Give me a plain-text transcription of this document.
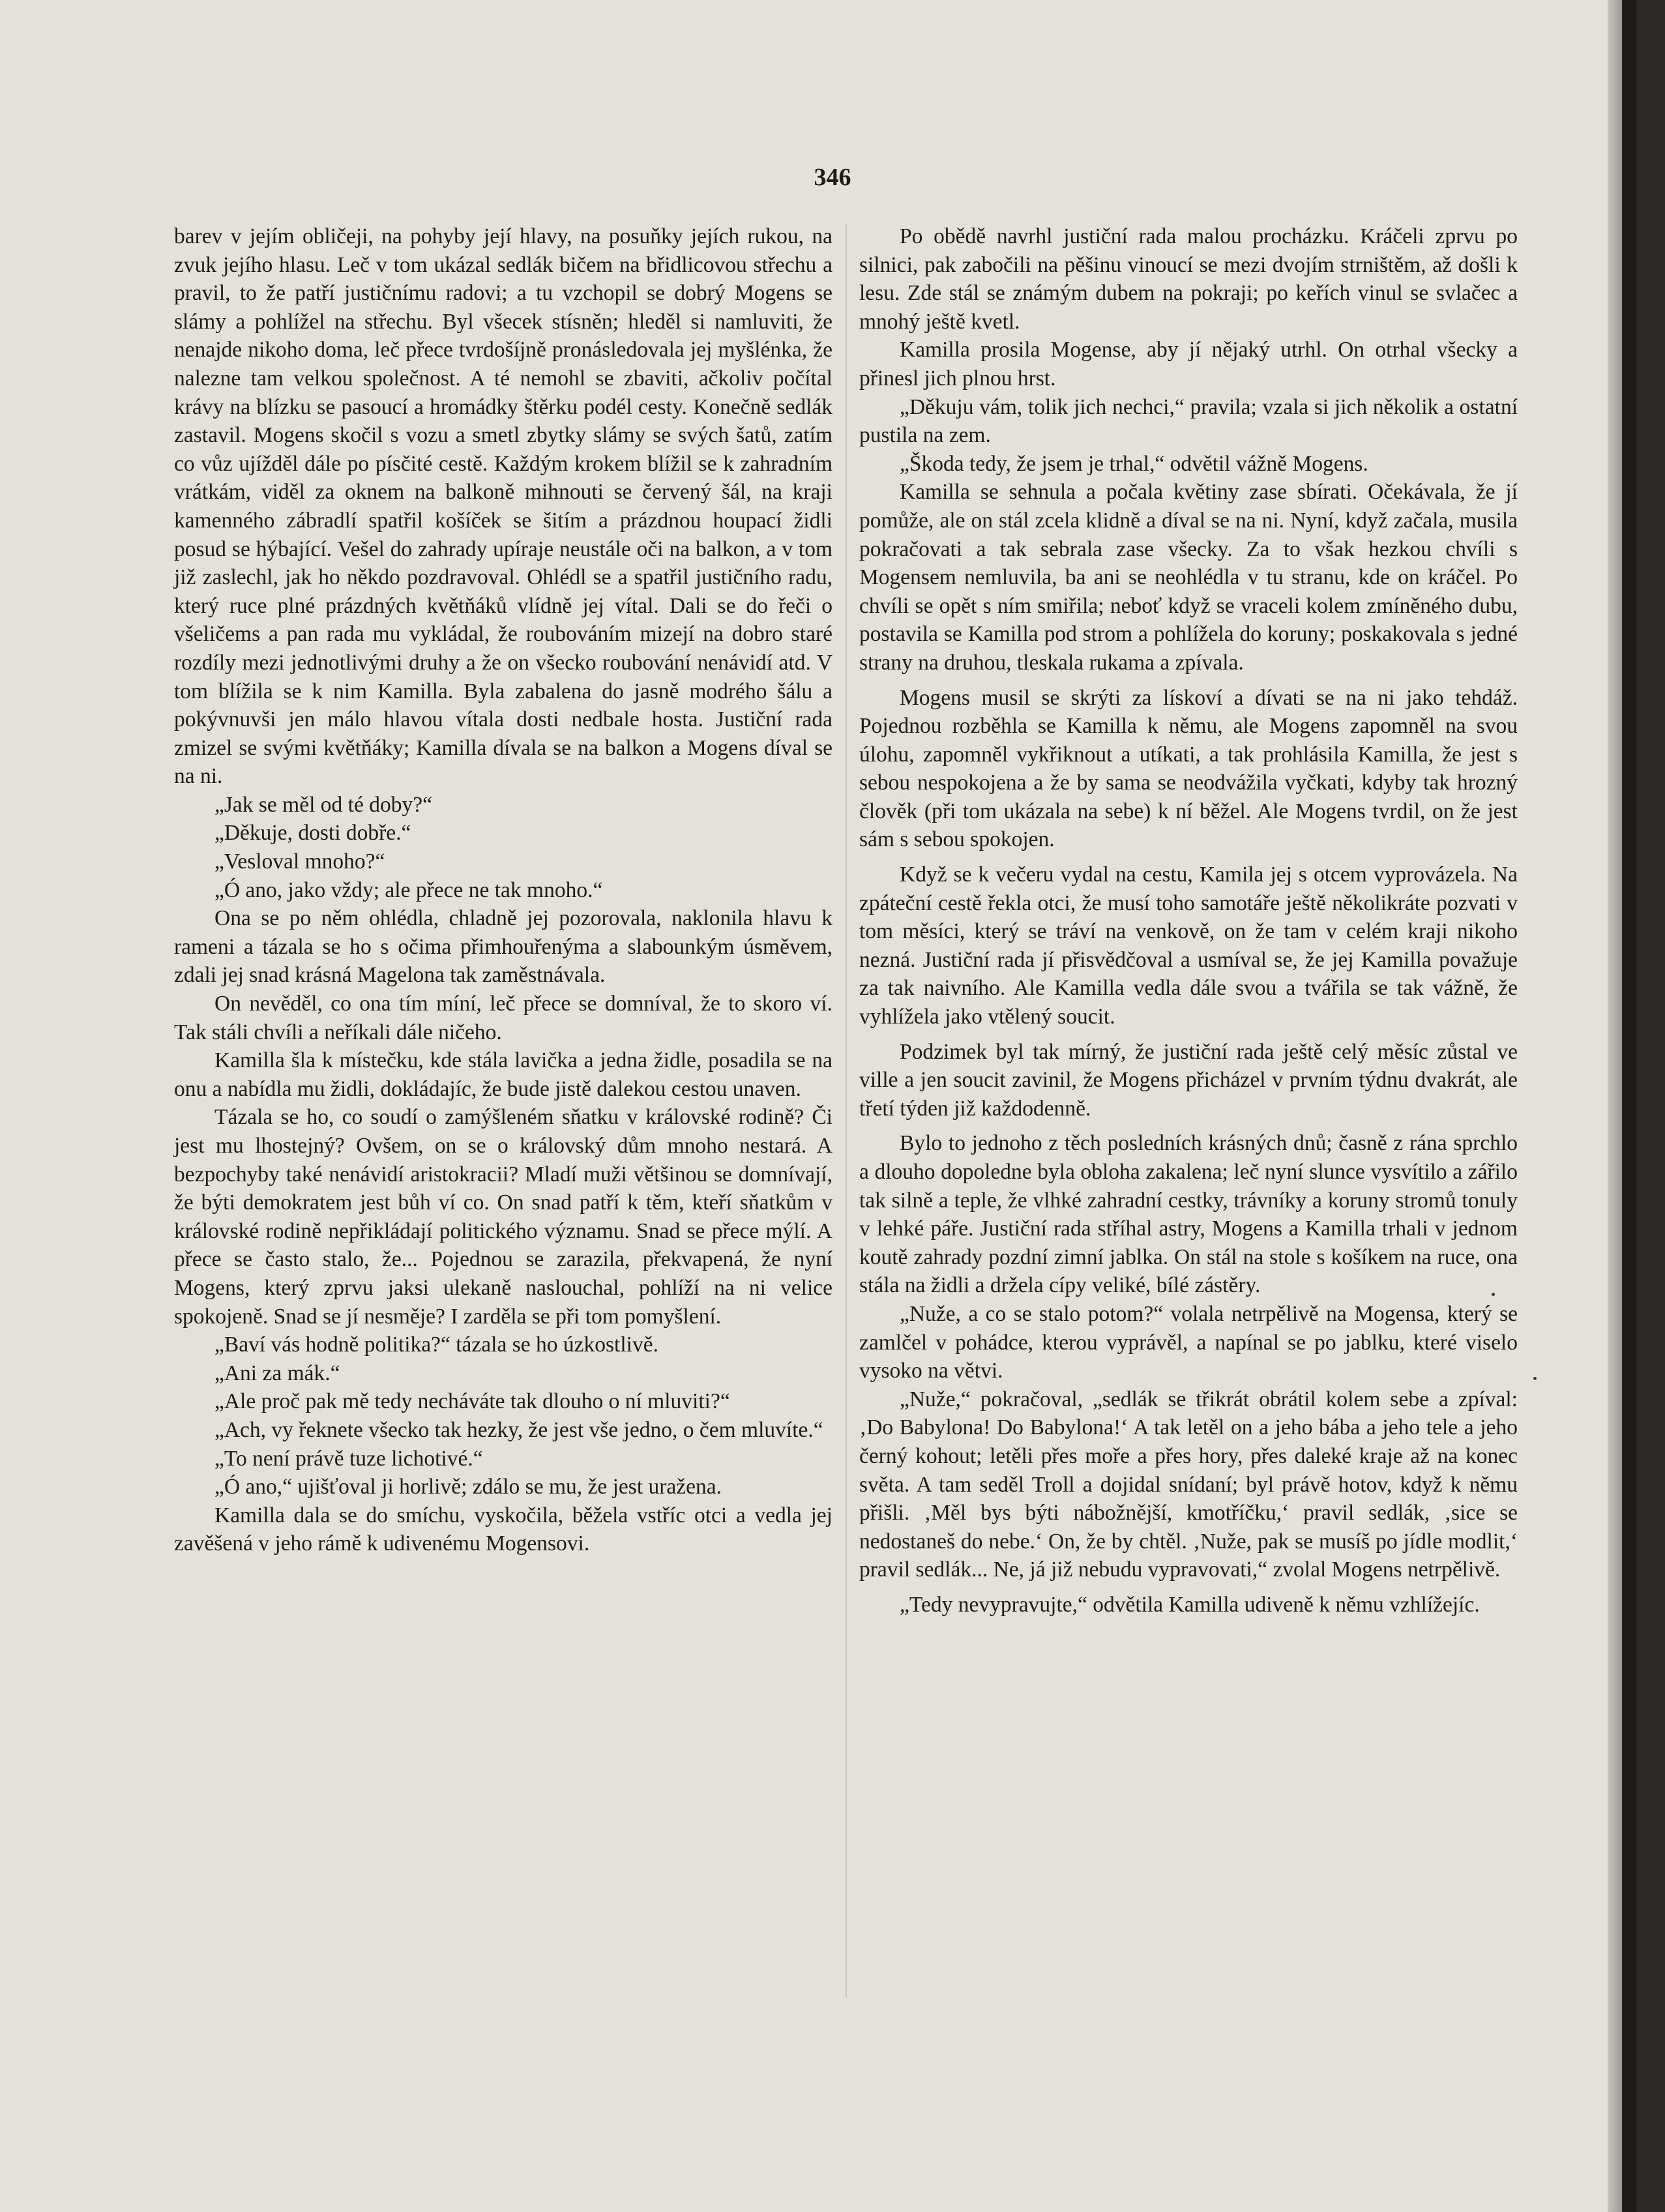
346

barev v jejím obličeji, na pohyby její hlavy, na posuňky jejích rukou, na zvuk jejího hlasu. Leč v tom ukázal sedlák bičem na břidlicovou střechu a pravil, to že patří justičnímu radovi; a tu vzchopil se dobrý Mogens se slámy a pohlížel na střechu. Byl všecek stísněn; hleděl si namluviti, že nenajde nikoho doma, leč přece tvrdošíjně pronásledovala jej myšlénka, že nalezne tam velkou společnost. A té nemohl se zbaviti, ačkoliv počítal krávy na blízku se pasoucí a hromádky štěrku podél cesty. Konečně sedlák zastavil. Mogens skočil s vozu a smetl zbytky slámy se svých šatů, zatím co vůz ujížděl dále po písčité cestě. Každým krokem blížil se k zahradním vrátkám, viděl za oknem na balkoně mihnouti se červený šál, na kraji kamenného zábradlí spatřil košíček se šitím a prázdnou houpací židli posud se hýbající. Vešel do zahrady upíraje neustále oči na balkon, a v tom již zaslechl, jak ho někdo pozdravoval. Ohlédl se a spatřil justičního radu, který ruce plné prázdných květňáků vlídně jej vítal. Dali se do řeči o všeličems a pan rada mu vykládal, že roubováním mizejí na dobro staré rozdíly mezi jednotlivými druhy a že on všecko roubování nenávidí atd. V tom blížila se k nim Kamilla. Byla zabalena do jasně modrého šálu a pokývnuvši jen málo hlavou vítala dosti nedbale hosta. Justiční rada zmizel se svými květňáky; Kamilla dívala se na balkon a Mogens díval se na ni.

„Jak se měl od té doby?“

„Děkuje, dosti dobře.“

„Vesloval mnoho?“

„Ó ano, jako vždy; ale přece ne tak mnoho.“

Ona se po něm ohlédla, chladně jej pozorovala, naklonila hlavu k rameni a tázala se ho s očima přimhouřenýma a slabounkým úsměvem, zdali jej snad krásná Magelona tak zaměstnávala.

On nevěděl, co ona tím míní, leč přece se domníval, že to skoro ví. Tak stáli chvíli a neříkali dále ničeho.

Kamilla šla k místečku, kde stála lavička a jedna židle, posadila se na onu a nabídla mu židli, dokládajíc, že bude jistě dalekou cestou unaven.

Tázala se ho, co soudí o zamýšleném sňatku v královské rodině? Či jest mu lhostejný? Ovšem, on se o královský dům mnoho nestará. A bezpochyby také nenávidí aristokracii? Mladí muži většinou se domnívají, že býti demokratem jest bůh ví co. On snad patří k těm, kteří sňatkům v královské rodině nepřikládají politického významu. Snad se přece mýlí. A přece se často stalo, že... Pojednou se zarazila, překvapená, že nyní Mogens, který zprvu jaksi ulekaně naslouchal, pohlíží na ni velice spokojeně. Snad se jí nesměje? I zarděla se při tom pomyšlení.

„Baví vás hodně politika?“ tázala se ho úzkostlivě.

„Ani za mák.“

„Ale proč pak mě tedy necháváte tak dlouho o ní mluviti?“

„Ach, vy řeknete všecko tak hezky, že jest vše jedno, o čem mluvíte.“

„To není právě tuze lichotivé.“

„Ó ano,“ ujišťoval ji horlivě; zdálo se mu, že jest uražena.

Kamilla dala se do smíchu, vyskočila, běžela vstříc otci a vedla jej zavěšená v jeho rámě k udivenému Mogensovi.

Po obědě navrhl justiční rada malou procházku. Kráčeli zprvu po silnici, pak zabočili na pěšinu vinoucí se mezi dvojím strništěm, až došli k lesu. Zde stál se známým dubem na pokraji; po keřích vinul se svlačec a mnohý ještě kvetl.

Kamilla prosila Mogense, aby jí nějaký utrhl. On otrhal všecky a přinesl jich plnou hrst.

„Děkuju vám, tolik jich nechci,“ pravila; vzala si jich několik a ostatní pustila na zem.

„Škoda tedy, že jsem je trhal,“ odvětil vážně Mogens.

Kamilla se sehnula a počala květiny zase sbírati. Očekávala, že jí pomůže, ale on stál zcela klidně a díval se na ni. Nyní, když začala, musila pokračovati a tak sebrala zase všecky. Za to však hezkou chvíli s Mogensem nemluvila, ba ani se neohlédla v tu stranu, kde on kráčel. Po chvíli se opět s ním smiřila; neboť když se vraceli kolem zmíněného dubu, postavila se Kamilla pod strom a pohlížela do koruny; poskakovala s jedné strany na druhou, tleskala rukama a zpívala.

Mogens musil se skrýti za lískoví a dívati se na ni jako tehdáž. Pojednou rozběhla se Kamilla k němu, ale Mogens zapomněl na svou úlohu, zapomněl vykřiknout a utíkati, a tak prohlásila Kamilla, že jest s sebou nespokojena a že by sama se neodvážila vyčkati, kdyby tak hrozný člověk (při tom ukázala na sebe) k ní běžel. Ale Mogens tvrdil, on že jest sám s sebou spokojen.

Když se k večeru vydal na cestu, Kamila jej s otcem vyprovázela. Na zpáteční cestě řekla otci, že musí toho samotáře ještě několikráte pozvati v tom měsíci, který se tráví na venkově, on že tam v celém kraji nikoho nezná. Justiční rada jí přisvědčoval a usmíval se, že jej Kamilla považuje za tak naivního. Ale Kamilla vedla dále svou a tvářila se tak vážně, že vyhlížela jako vtělený soucit.

Podzimek byl tak mírný, že justiční rada ještě celý měsíc zůstal ve ville a jen soucit zavinil, že Mogens přicházel v prvním týdnu dvakrát, ale třetí týden již každodenně.

Bylo to jednoho z těch posledních krásných dnů; časně z rána sprchlo a dlouho dopoledne byla obloha zakalena; leč nyní slunce vysvítilo a zářilo tak silně a teple, že vlhké zahradní cestky, trávníky a koruny stromů tonuly v lehké páře. Justiční rada stříhal astry, Mogens a Kamilla trhali v jednom koutě zahrady pozdní zimní jablka. On stál na stole s košíkem na ruce, ona stála na židli a držela cípy veliké, bílé zástěry.

„Nuže, a co se stalo potom?“ volala netrpělivě na Mogensa, který se zamlčel v pohádce, kterou vyprávěl, a napínal se po jablku, které viselo vysoko na větvi.

„Nuže,“ pokračoval, „sedlák se třikrát obrátil kolem sebe a zpíval: ‚Do Babylona! Do Babylona!‘ A tak letěl on a jeho bába a jeho tele a jeho černý kohout; letěli přes moře a přes hory, přes daleké kraje až na konec světa. A tam seděl Troll a dojidal snídaní; byl právě hotov, když k němu přišli. ‚Měl bys býti nábožnější, kmotříčku,‘ pravil sedlák, ‚sice se nedostaneš do nebe.‘ On, že by chtěl. ‚Nuže, pak se musíš po jídle modlit,‘ pravil sedlák... Ne, já již nebudu vypravovati,“ zvolal Mogens netrpělivě.

„Tedy nevypravujte,“ odvětila Kamilla udiveně k němu vzhlížejíc.
